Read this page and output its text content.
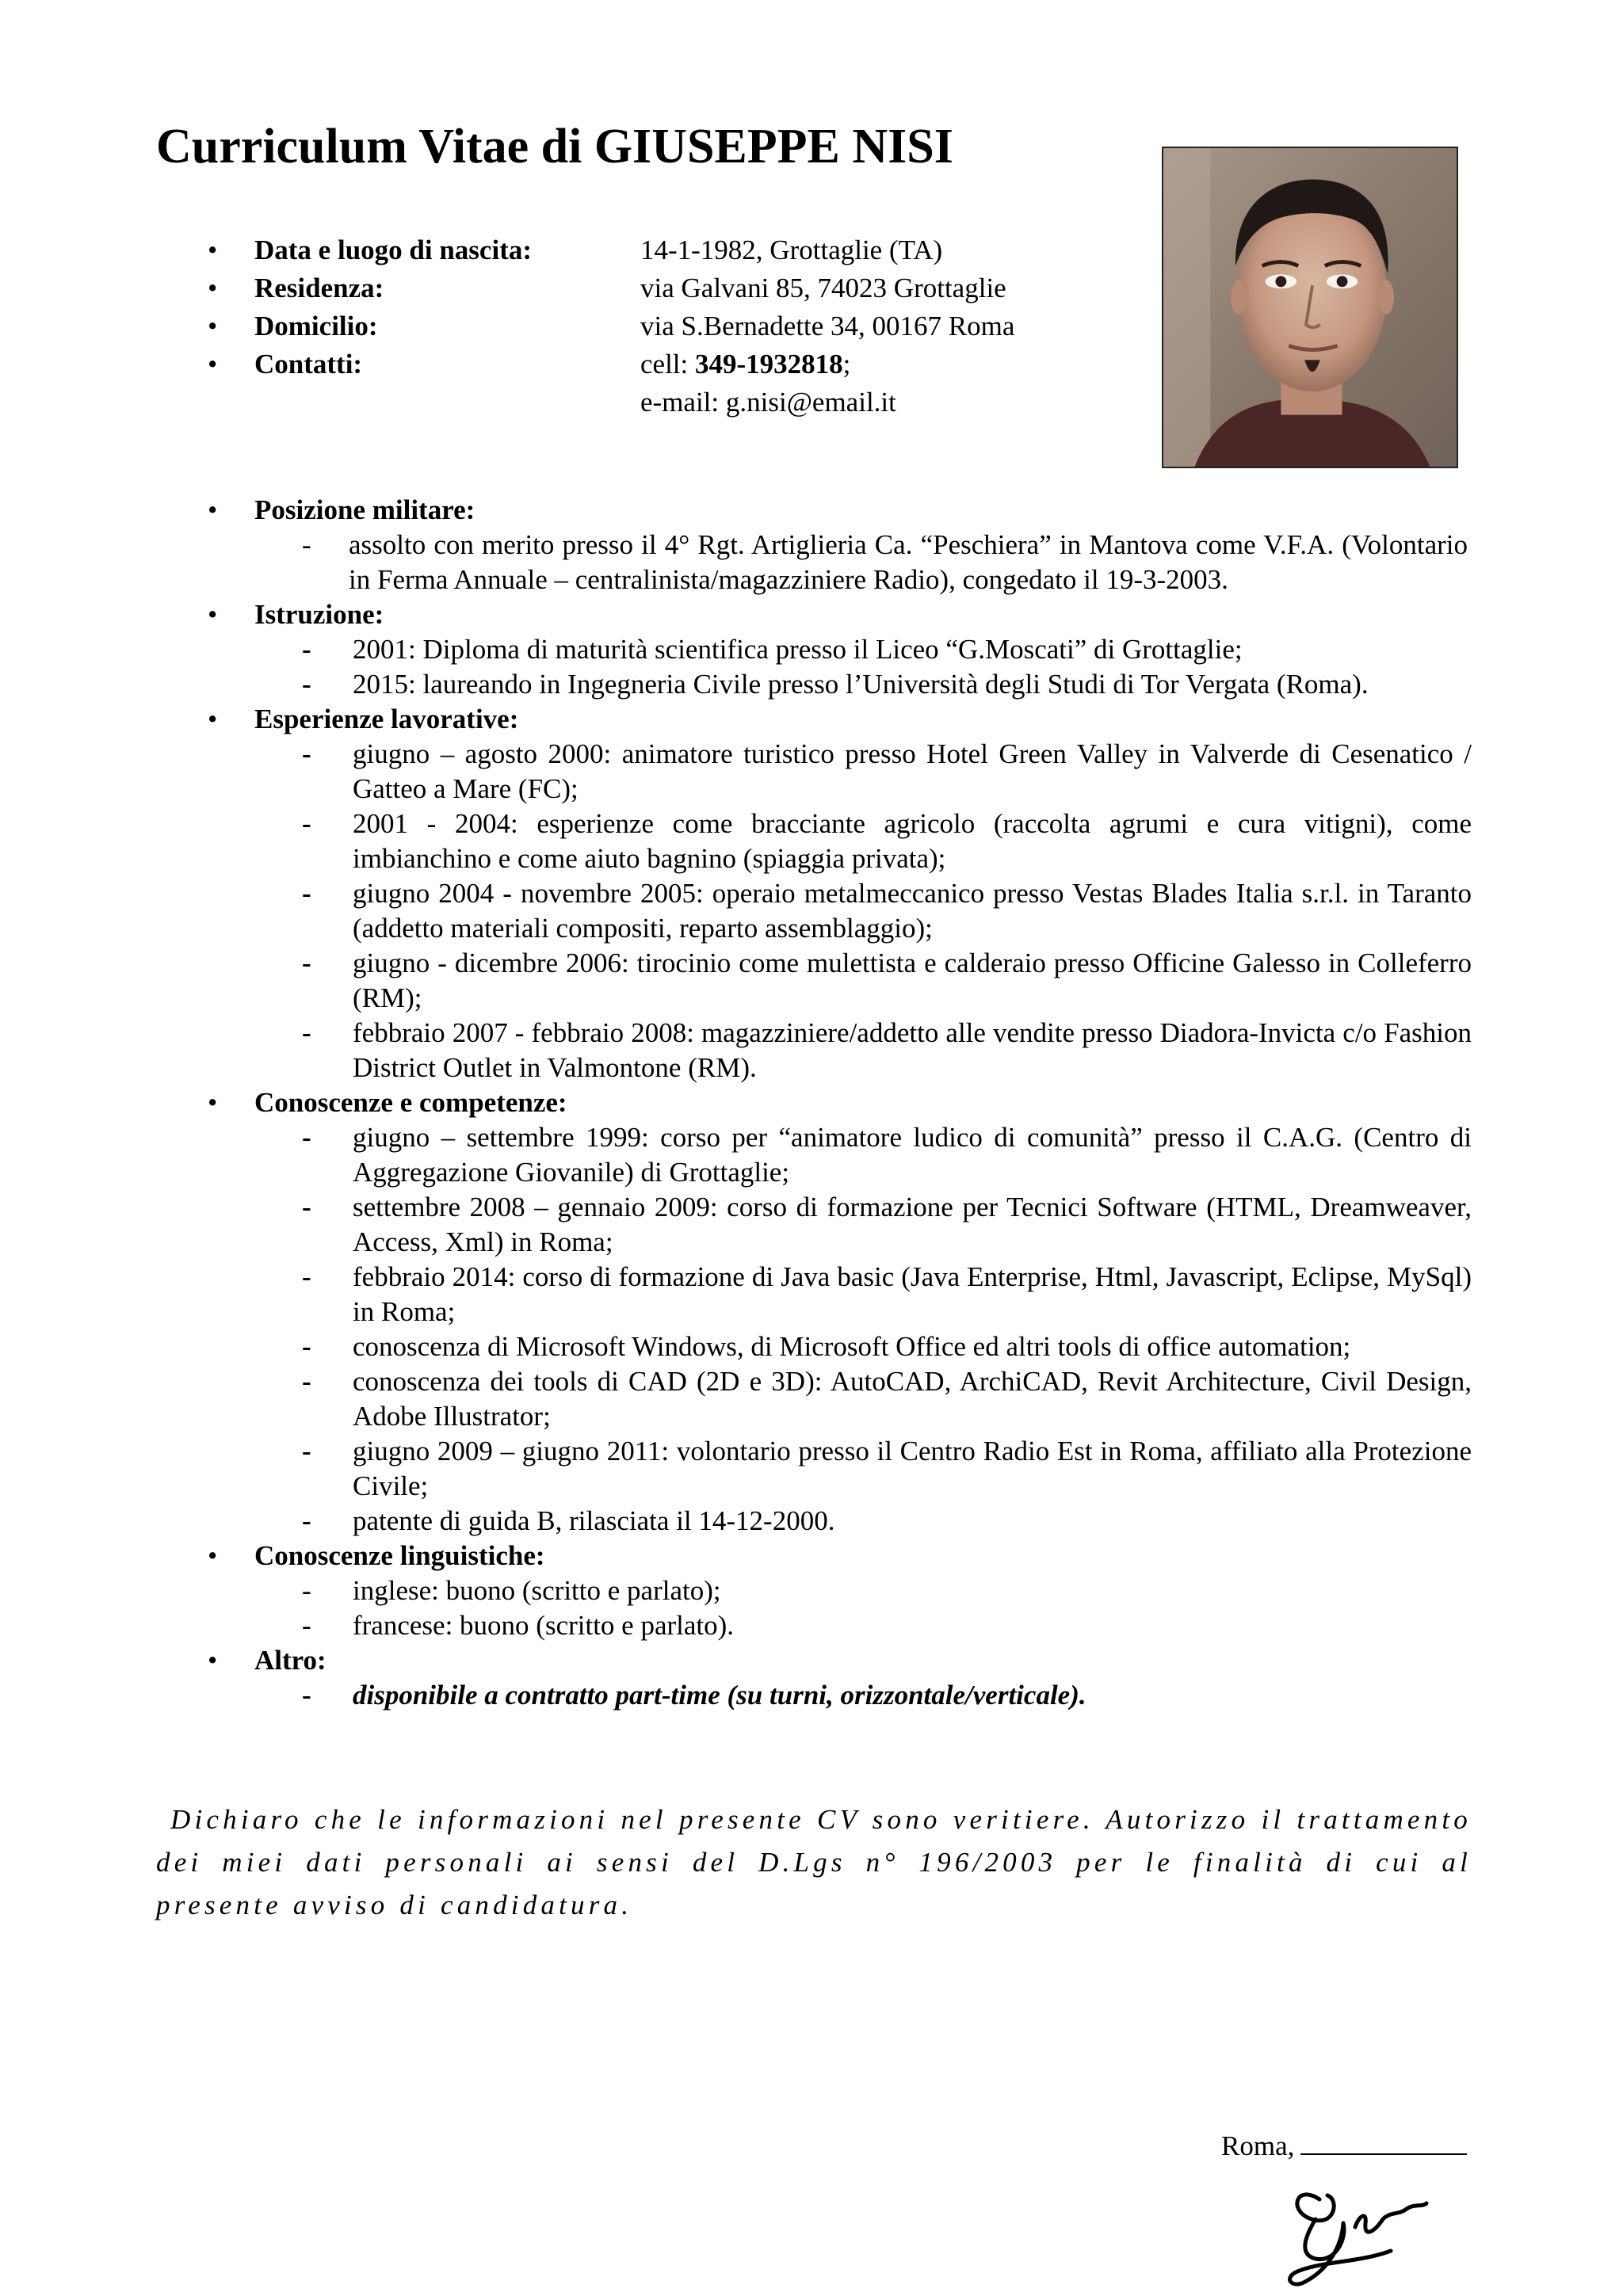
Curriculum Vitae di GIUSEPPE NISI
• Data e luogo di nascita:	14-1-1982, Grottaglie (TA)
• Residenza:	via Galvani 85, 74023 Grottaglie
• Domicilio:	via S.Bernadette 34, 00167 Roma
• Contatti:	cell: 349-1932818;
e-mail: g.nisi@email.it
• Posizione militare:
- assolto con merito presso il 4° Rgt. Artiglieria Ca. “Peschiera” in Mantova come V.F.A. (Volontario in Ferma Annuale – centralinista/magazziniere Radio), congedato il 19-3-2003.
• Istruzione:
- 2001: Diploma di maturità scientifica presso il Liceo “G.Moscati” di Grottaglie;
- 2015: laureando in Ingegneria Civile presso l’Università degli Studi di Tor Vergata (Roma).
• Esperienze lavorative:
- giugno – agosto 2000: animatore turistico presso Hotel Green Valley in Valverde di Cesenatico / Gatteo a Mare (FC);
- 2001 - 2004: esperienze come bracciante agricolo (raccolta agrumi e cura vitigni), come imbianchino e come aiuto bagnino (spiaggia privata);
- giugno 2004 - novembre 2005: operaio metalmeccanico presso Vestas Blades Italia s.r.l. in Taranto (addetto materiali compositi, reparto assemblaggio);
- giugno - dicembre 2006: tirocinio come mulettista e calderaio presso Officine Galesso in Colleferro (RM);
- febbraio 2007 - febbraio 2008: magazziniere/addetto alle vendite presso Diadora-Invicta c/o Fashion District Outlet in Valmontone (RM).
• Conoscenze e competenze:
- giugno – settembre 1999: corso per “animatore ludico di comunità” presso il C.A.G. (Centro di Aggregazione Giovanile) di Grottaglie;
- settembre 2008 – gennaio 2009: corso di formazione per Tecnici Software (HTML, Dreamweaver, Access, Xml) in Roma;
- febbraio 2014: corso di formazione di Java basic (Java Enterprise, Html, Javascript, Eclipse, MySql) in Roma;
- conoscenza di Microsoft Windows, di Microsoft Office ed altri tools di office automation;
- conoscenza dei tools di CAD (2D e 3D): AutoCAD, ArchiCAD, Revit Architecture, Civil Design, Adobe Illustrator;
- giugno 2009 – giugno 2011: volontario presso il Centro Radio Est in Roma, affiliato alla Protezione Civile;
- patente di guida B, rilasciata il 14-12-2000.
• Conoscenze linguistiche:
- inglese: buono (scritto e parlato);
- francese: buono (scritto e parlato).
• Altro:
- disponibile a contratto part-time (su turni, orizzontale/verticale).

Dichiaro che le informazioni nel presente CV sono veritiere. Autorizzo il trattamento dei miei dati personali ai sensi del D.Lgs n° 196/2003 per le finalità di cui al presente avviso di candidatura.

Roma,
